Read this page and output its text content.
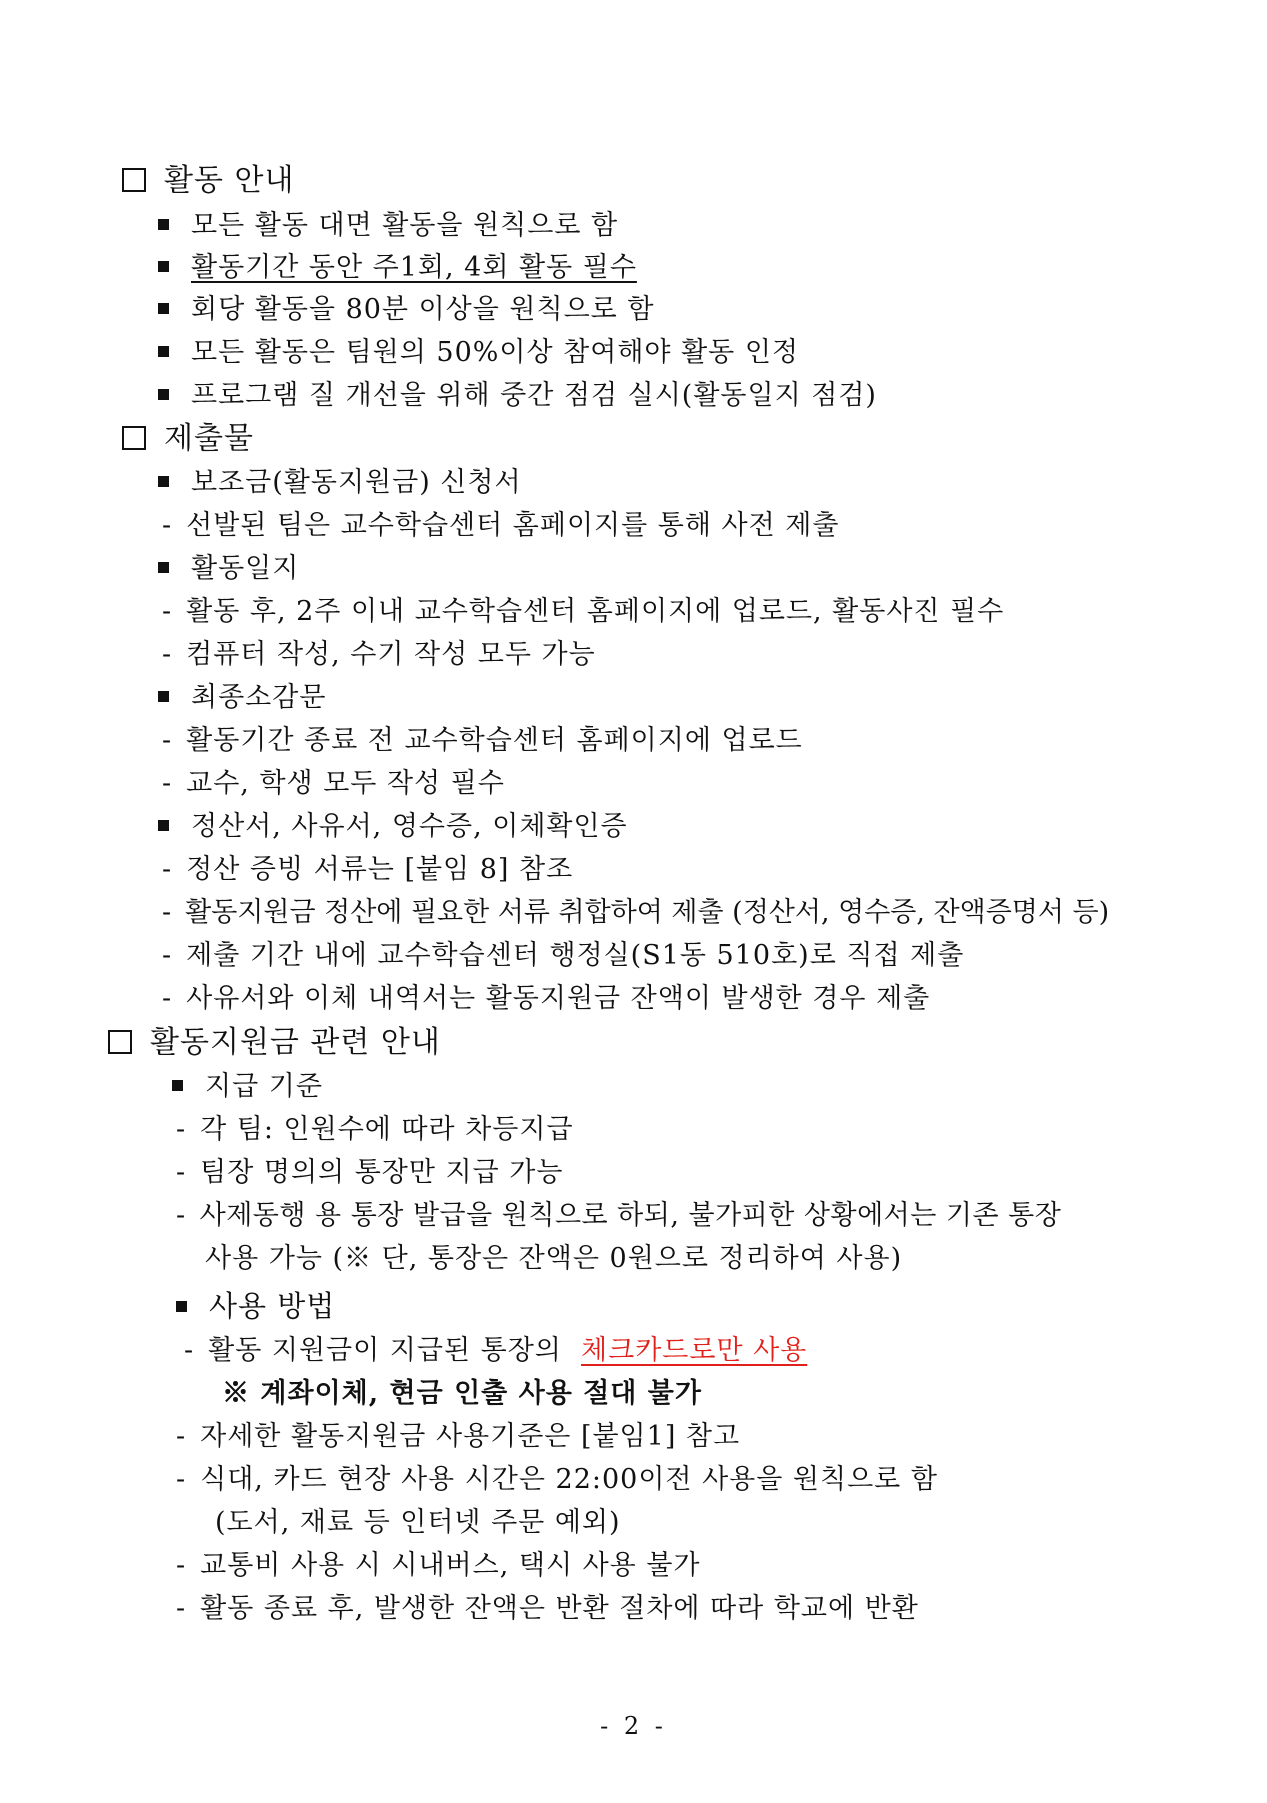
활동 안내
모든 활동 대면 활동을 원칙으로 함
활동기간 동안 주1회, 4회 활동 필수
회당 활동을 80분 이상을 원칙으로 함
모든 활동은 팀원의 50%이상 참여해야 활동 인정
프로그램 질 개선을 위해 중간 점검 실시(활동일지 점검)
제출물
보조금(활동지원금) 신청서
- 선발된 팀은 교수학습센터 홈페이지를 통해 사전 제출
활동일지
- 활동 후, 2주 이내 교수학습센터 홈페이지에 업로드, 활동사진 필수
- 컴퓨터 작성, 수기 작성 모두 가능
최종소감문
- 활동기간 종료 전 교수학습센터 홈페이지에 업로드
- 교수, 학생 모두 작성 필수
정산서, 사유서, 영수증, 이체확인증
- 정산 증빙 서류는 [붙임 8] 참조
- 활동지원금 정산에 필요한 서류 취합하여 제출 (정산서, 영수증, 잔액증명서 등)
- 제출 기간 내에 교수학습센터 행정실(S1동 510호)로 직접 제출
- 사유서와 이체 내역서는 활동지원금 잔액이 발생한 경우 제출
활동지원금 관련 안내
지급 기준
- 각 팀: 인원수에 따라 차등지급
- 팀장 명의의 통장만 지급 가능
- 사제동행 용 통장 발급을 원칙으로 하되, 불가피한 상황에서는 기존 통장
사용 가능 (※ 단, 통장은 잔액은 0원으로 정리하여 사용)
사용 방법
- 활동 지원금이 지급된 통장의 체크카드로만 사용
※ 계좌이체, 현금 인출 사용 절대 불가
- 자세한 활동지원금 사용기준은 [붙임1] 참고
- 식대, 카드 현장 사용 시간은 22:00이전 사용을 원칙으로 함
(도서, 재료 등 인터넷 주문 예외)
- 교통비 사용 시 시내버스, 택시 사용 불가
- 활동 종료 후, 발생한 잔액은 반환 절차에 따라 학교에 반환
- 2 -
